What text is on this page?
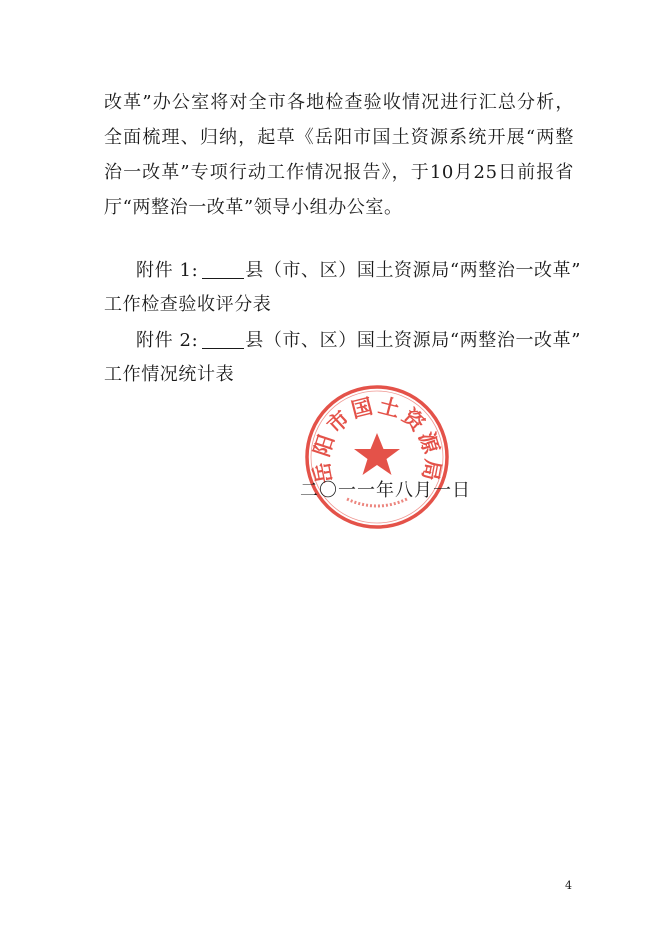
改革”办公室将对全市各地检查验收情况进行汇总分析，全面梳理、归纳，起草《岳阳市国土资源系统开展“两整治一改革”专项行动工作情况报告》，于10月25日前报省厅“两整治一改革”领导小组办公室。
附件 1:	县（市、区）国土资源局“两整治一改革”
工作检查验收评分表
附件 2:	县（市、区）国土资源局“两整治一改革”
工作情况统计表
岳阳市国土资源局
二〇一一年八月一日
4
